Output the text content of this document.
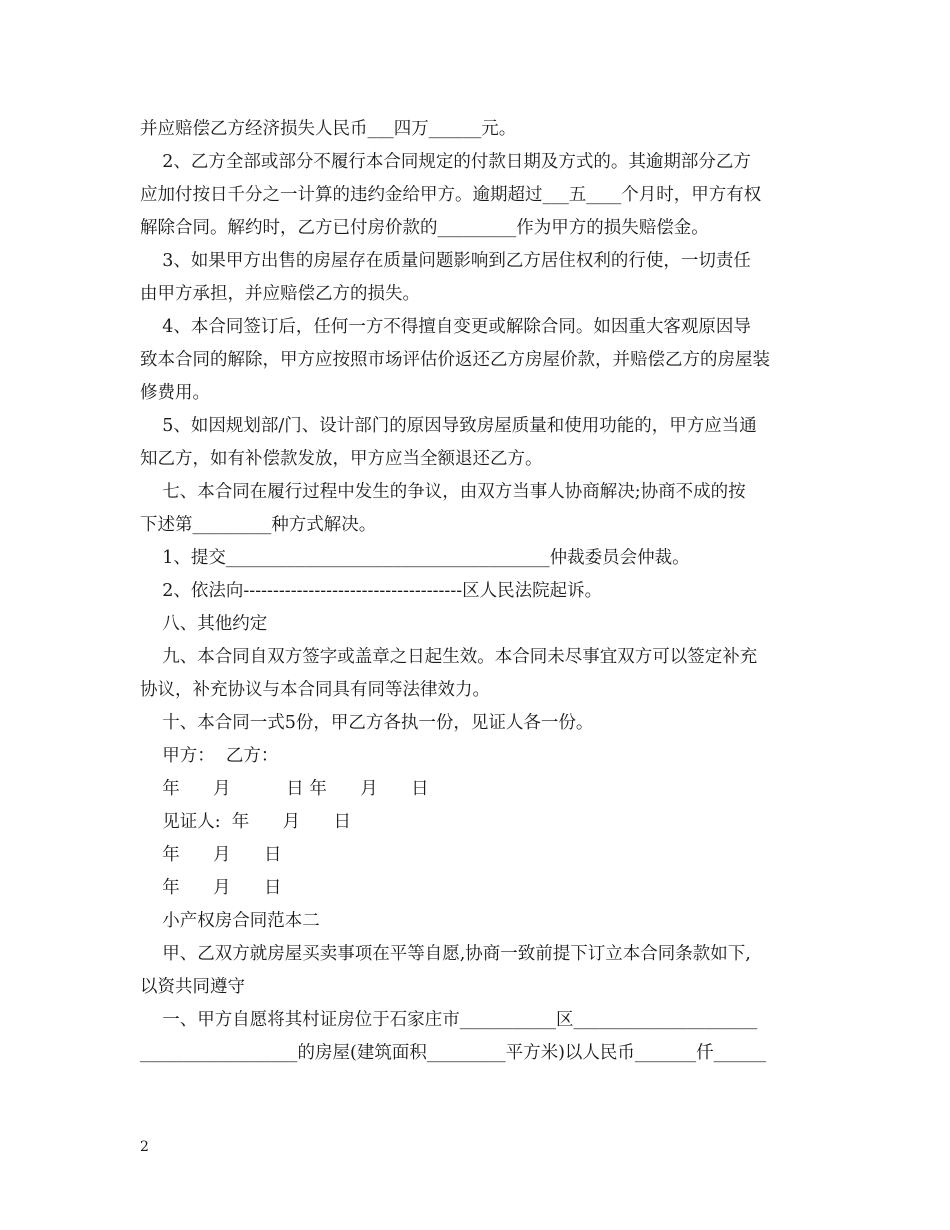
并应赔偿乙方经济损失人民币___四万______元。
2、乙方全部或部分不履行本合同规定的付款日期及方式的。其逾期部分乙方
应加付按日千分之一计算的违约金给甲方。逾期超过___五____个月时，甲方有权
解除合同。解约时，乙方已付房价款的_________作为甲方的损失赔偿金。
3、如果甲方出售的房屋存在质量问题影响到乙方居住权利的行使，一切责任
由甲方承担，并应赔偿乙方的损失。
4、本合同签订后，任何一方不得擅自变更或解除合同。如因重大客观原因导
致本合同的解除，甲方应按照市场评估价返还乙方房屋价款，并赔偿乙方的房屋装
修费用。
5、如因规划部/门、设计部门的原因导致房屋质量和使用功能的，甲方应当通
知乙方，如有补偿款发放，甲方应当全额退还乙方。
七、本合同在履行过程中发生的争议，由双方当事人协商解决;协商不成的按
下述第_________种方式解决。
1、提交_____________________________________仲裁委员会仲裁。
2、依法向-------------------------------------区人民法院起诉。
八、其他约定
九、本合同自双方签字或盖章之日起生效。本合同未尽事宜双方可以签定补充
协议，补充协议与本合同具有同等法律效力。
十、本合同一式5份，甲乙方各执一份，见证人各一份。
甲方：  乙方：
年      月          日 年      月      日
见证人:  年      月      日
年      月      日
年      月      日
小产权房合同范本二
甲、乙双方就房屋买卖事项在平等自愿,协商一致前提下订立本合同条款如下,
以资共同遵守
一、甲方自愿将其村证房位于石家庄市___________区_____________________
__________________的房屋(建筑面积_________平方米)以人民币_______仟______
2
